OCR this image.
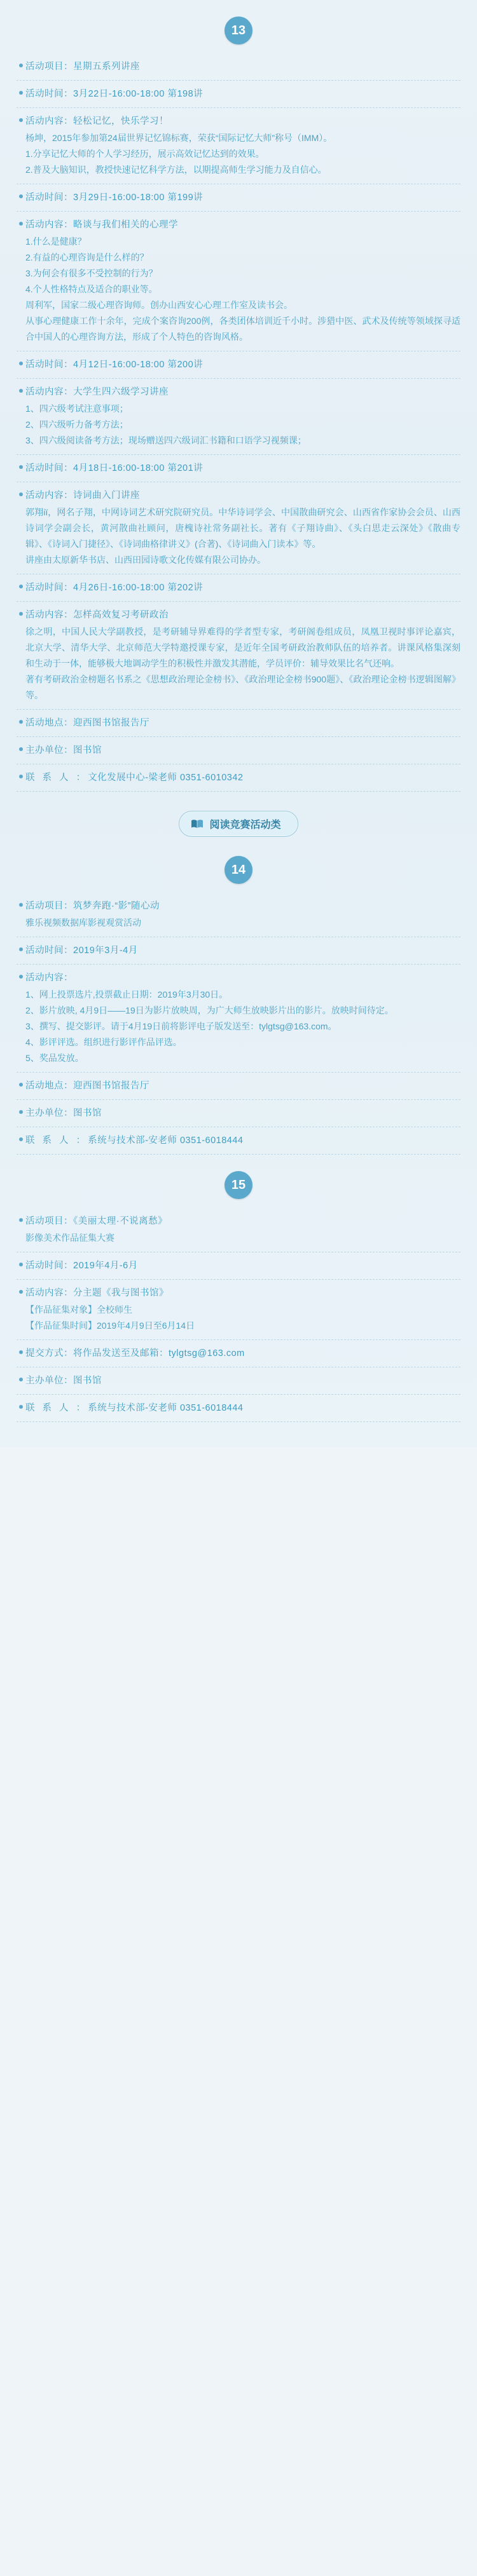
13
活动项目：星期五系列讲座
活动时间：3月22日-16:00-18:00 第198讲
活动内容：轻松记忆，快乐学习！
杨坤，2015年参加第24届世界记忆锦标赛，荣获“国际记忆大师”称号（IMM）。
1.分享记忆大师的个人学习经历，展示高效记忆达到的效果。
2.普及大脑知识，教授快速记忆科学方法，以期提高师生学习能力及自信心。
活动时间：3月29日-16:00-18:00 第199讲
活动内容：略谈与我们相关的心理学
1.什么是健康？
2.有益的心理咨询是什么样的？
3.为何会有很多不受控制的行为？
4.个人性格特点及适合的职业等。
周利军，国家二级心理咨询师。创办山西安心心理工作室及读书会。
从事心理健康工作十余年，完成个案咨询200例，各类团体培训近千小时。涉猎中医、武术及传统等领域探寻适合中国人的心理咨询方法，形成了个人特色的咨询风格。
活动时间：4月12日-16:00-18:00 第200讲
活动内容：大学生四六级学习讲座
1、四六级考试注意事项；
2、四六级听力备考方法；
3、四六级阅读备考方法；现场赠送四六级词汇书籍和口语学习视频课；
活动时间：4月18日-16:00-18:00 第201讲
活动内容：诗词曲入门讲座
郭翔ії，网名子翔，中网诗词艺术研究院研究员。中华诗词学会、中国散曲研究会、山西省作家协会会员、山西诗词学会副会长，黄河散曲社顾问，唐槐诗社常务副社长。著有《子翔诗曲》、《头白思走云深处》《散曲专辑》、《诗词入门捷径》、《诗词曲格律讲义》(合著)、《诗词曲入门读本》等。
讲座由太原新华书店、山西田园诗歌文化传媒有限公司协办。
活动时间：4月26日-16:00-18:00 第202讲
活动内容：怎样高效复习考研政治
徐之明，中国人民大学副教授，是考研辅导界难得的学者型专家，考研阁卷组成员，凤凰卫视时事评论嘉宾，北京大学、清华大学、北京师范大学特邀授课专家，是近年全国考研政治教师队伍的培养者。讲课风格集深刻和生动于一体，能够极大地调动学生的积极性并激发其潜能，学员评价：辅导效果比名气还响。
著有考研政治金榜题名书系之《思想政治理论金榜书》、《政治理论金榜书900题》、《政治理论金榜书逻辑图解》等。
活动地点：迎西图书馆报告厅
主办单位：图书馆
联 系 人 ：文化发展中心-梁老师 0351-6010342
阅读竞赛活动类
14
活动项目：筑梦奔跑·“影”随心动
雅乐视频数据库影视观赏活动
活动时间：2019年3月-4月
活动内容：
1、网上投票选片,投票截止日期：2019年3月30日。
2、影片放映, 4月9日——19日为影片放映周，为广大师生放映影片出的影片。放映时间待定。
3、撰写、提交影评。请于4月19日前将影评电子版发送至：tylgtsg@163.com。
4、影评评选。组织进行影评作品评选。
5、奖品发放。
活动地点：迎西图书馆报告厅
主办单位：图书馆
联 系 人 ：系统与技术部-安老师 0351-6018444
15
活动项目：《美丽太理·不说离愁》
影像美术作品征集大赛
活动时间：2019年4月-6月
活动内容：分主题《我与图书馆》
【作品征集对象】全校师生
【作品征集时间】2019年4月9日至6月14日
提交方式：将作品发送至及邮箱：tylgtsg@163.com
主办单位：图书馆
联 系 人 ：系统与技术部-安老师 0351-6018444
